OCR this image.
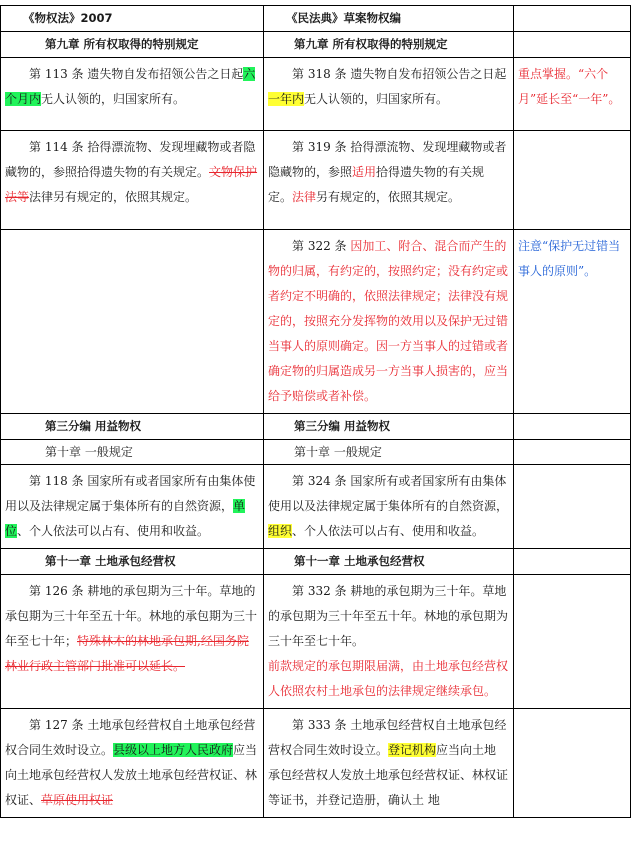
《物权法》2007	《民法典》草案物权编	
第九章 所有权取得的特别规定	第九章 所有权取得的特别规定	
第 113 条 遗失物自发布招领公告之日起六个月内无人认领的，归国家所有。	第 318 条 遗失物自发布招领公告之日起一年内无人认领的，归国家所有。	重点掌握。“六个月”延长至“一年”。
第 114 条 拾得漂流物、发现埋藏物或者隐藏物的，参照拾得遗失物的有关规定。文物保护法等法律另有规定的，依照其规定。	第 319 条 拾得漂流物、发现埋藏物或者隐藏物的，参照适用拾得遗失物的有关规定。法律另有规定的，依照其规定。	
	第 322 条 因加工、附合、混合而产生的物的归属，有约定的，按照约定；没有约定或者约定不明确的，依照法律规定；法律没有规定的，按照充分发挥物的效用以及保护无过错当事人的原则确定。因一方当事人的过错或者确定物的归属造成另一方当事人损害的，应当给予赔偿或者补偿。	注意“保护无过错当事人的原则”。
第三分编 用益物权	第三分编 用益物权	
第十章 一般规定	第十章 一般规定	
第 118 条 国家所有或者国家所有由集体使用以及法律规定属于集体所有的自然资源，单位、个人依法可以占有、使用和收益。	第 324 条 国家所有或者国家所有由集体使用以及法律规定属于集体所有的自然资源，组织、个人依法可以占有、使用和收益。	
第十一章 土地承包经营权	第十一章 土地承包经营权	
第 126 条 耕地的承包期为三十年。草地的承包期为三十年至五十年。林地的承包期为三十年至七十年；特殊林木的林地承包期,经国务院林业行政主管部门批准可以延长。	第 332 条 耕地的承包期为三十年。草地的承包期为三十年至五十年。林地的承包期为三十年至七十年。
前款规定的承包期限届满，由土地承包经营权人依照农村土地承包的法律规定继续承包。	
第 127 条 土地承包经营权自土地承包经营权合同生效时设立。县级以上地方人民政府应当向土地承包经营权人发放土地承包经营权证、林权证、草原使用权证	第 333 条 土地承包经营权自土地承包经营权合同生效时设立。登记机构应当向土地承包经营权人发放土地承包经营权证、林权证等证书，并登记造册，确认土 地	
